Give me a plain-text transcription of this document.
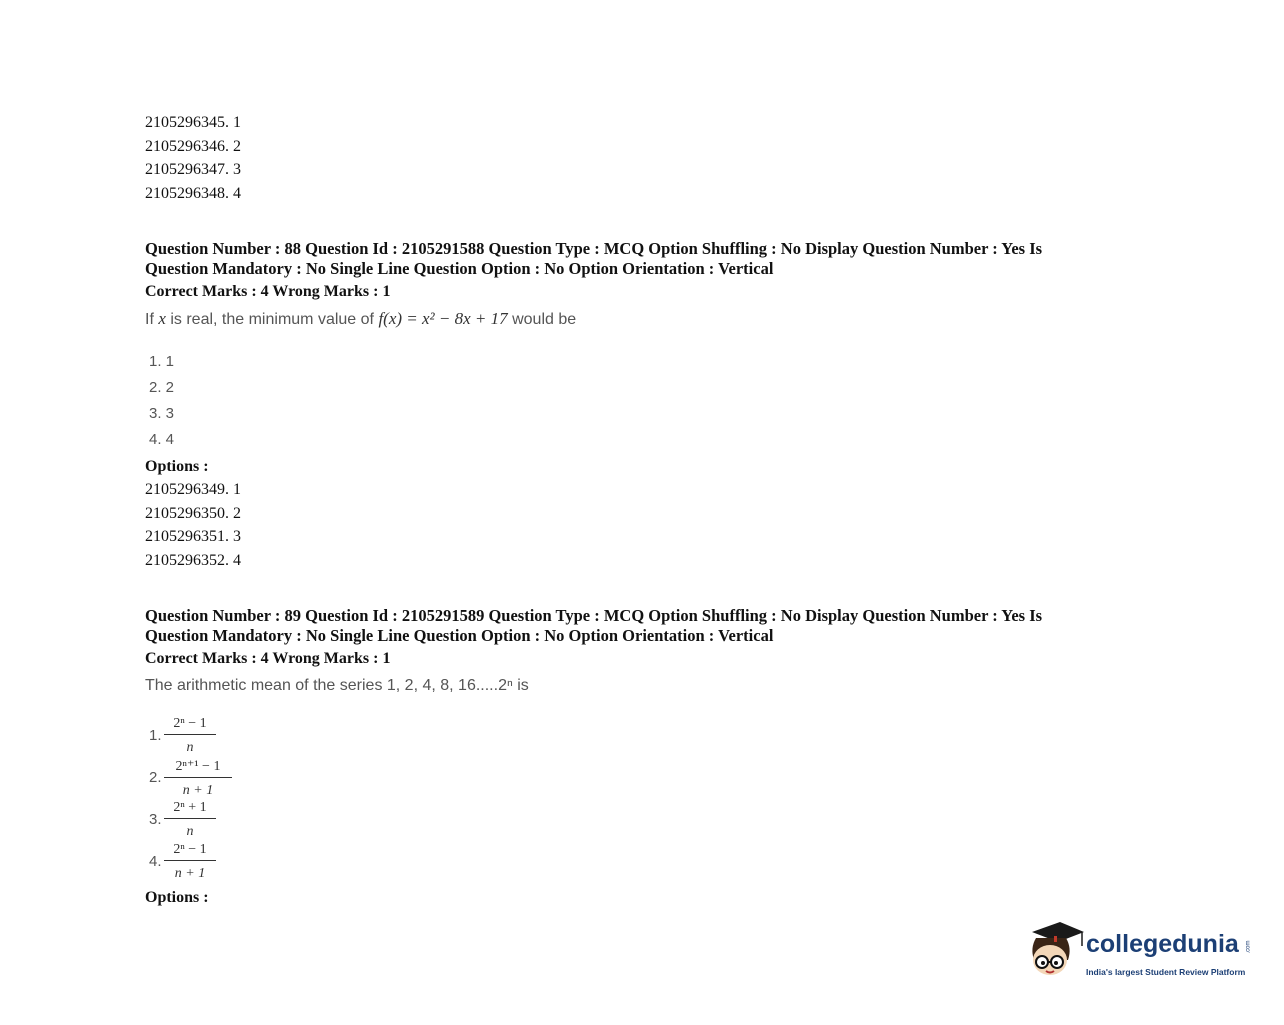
2105296345. 1
2105296346. 2
2105296347. 3
2105296348. 4
Question Number : 88 Question Id : 2105291588 Question Type : MCQ Option Shuffling : No Display Question Number : Yes Is
Question Mandatory : No Single Line Question Option : No Option Orientation : Vertical
Correct Marks : 4 Wrong Marks : 1
If x is real, the minimum value of f(x) = x² − 8x + 17 would be
1. 1
2. 2
3. 3
4. 4
Options :
2105296349. 1
2105296350. 2
2105296351. 3
2105296352. 4
Question Number : 89 Question Id : 2105291589 Question Type : MCQ Option Shuffling : No Display Question Number : Yes Is
Question Mandatory : No Single Line Question Option : No Option Orientation : Vertical
Correct Marks : 4 Wrong Marks : 1
The arithmetic mean of the series 1, 2, 4, 8, 16.....2ⁿ is
1. $\frac{\text{2ⁿ − 1}}{n}$
2. $\frac{\text{2ⁿ⁺¹ − 1}}{n + 1}$
3. $\frac{\text{2ⁿ + 1}}{n}$
4. $\frac{\text{2ⁿ − 1}}{n + 1}$
Options :
collegedunia .com
India's largest Student Review Platform
